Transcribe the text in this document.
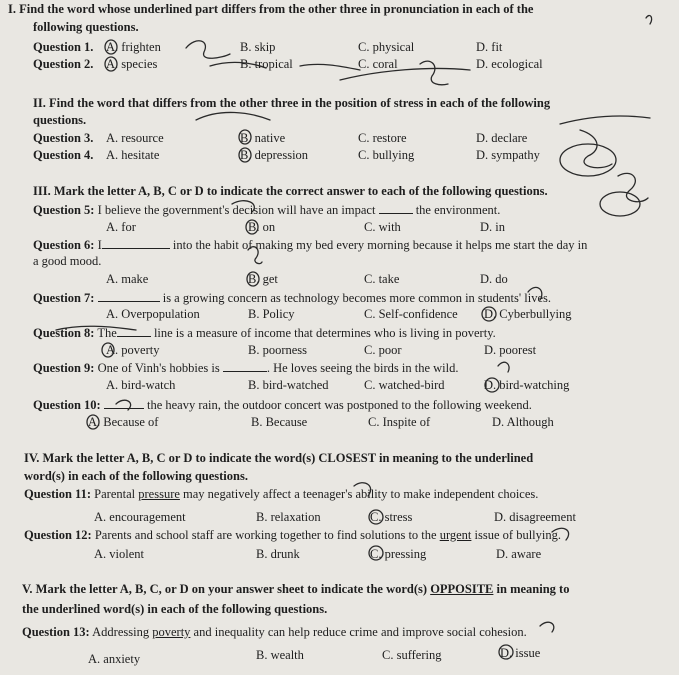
I. Find the word whose underlined part differs from the other three in pronunciation in each of the
following questions.
Question 1. A. frighten	B. skip	C. physical	D. fit
Question 2. A. species	B. tropical	C. coral	D. ecological
II. Find the word that differs from the other three in the position of stress in each of the following
questions.
Question 3. A. resource	B. native	C. restore	D. declare
Question 4. A. hesitate	B. depression	C. bullying	D. sympathy
III. Mark the letter A, B, C or D to indicate the correct answer to each of the following questions.
Question 5: I believe the government's decision will have an impact	the environment.
A. for	B. on	C. with	D. in
Question 6: I	into the habit of making my bed every morning because it helps me start the day in
a good mood.
A. make	B. get	C. take	D. do
Question 7:	is a growing concern as technology becomes more common in students' lives.
A. Overpopulation	B. Policy	C. Self-confidence D. Cyberbullying
Question 8: The	line is a measure of income that determines who is living in poverty.
A. poverty	B. poorness	C. poor	D. poorest
Question 9: One of Vinh's hobbies is	. He loves seeing the birds in the wild.
A. bird-watch	B. bird-watched	C. watched-bird	D. bird-watching
Question 10:	the heavy rain, the outdoor concert was postponed to the following weekend.
A. Because of	B. Because	C. Inspite of	D. Although
IV. Mark the letter A, B, C or D to indicate the word(s) CLOSEST in meaning to the underlined
word(s) in each of the following questions.
Question 11: Parental pressure may negatively affect a teenager's ability to make independent choices.
A. encouragement	B. relaxation	C. stress	D. disagreement
Question 12: Parents and school staff are working together to find solutions to the urgent issue of bullying.
A. violent	B. drunk	C. pressing	D. aware
V. Mark the letter A, B, C, or D on your answer sheet to indicate the word(s) OPPOSITE in meaning to
the underlined word(s) in each of the following questions.
Question 13: Addressing poverty and inequality can help reduce crime and improve social cohesion.
A. anxiety	B. wealth	C. suffering	D. issue
